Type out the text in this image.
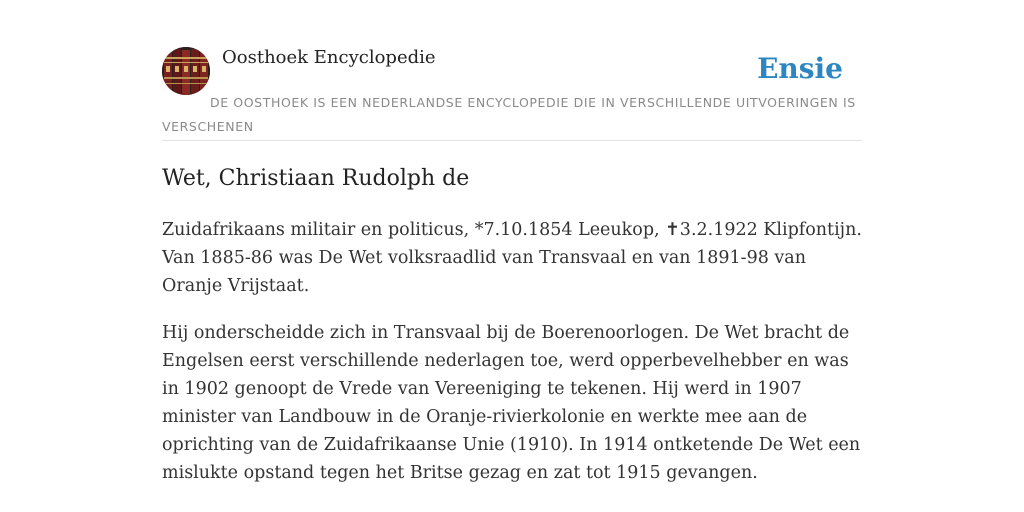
Oosthoek Encyclopedie	Ensie
DE OOSTHOEK IS EEN NEDERLANDSE ENCYCLOPEDIE DIE IN VERSCHILLENDE UITVOERINGEN IS VERSCHENEN
Wet, Christiaan Rudolph de

Zuidafrikaans militair en politicus, *7.10.1854 Leeukop, ✝3.2.1922 Klipfontijn. Van 1885-86 was De Wet volksraadlid van Transvaal en van 1891-98 van Oranje Vrijstaat.

Hij onderscheidde zich in Transvaal bij de Boerenoorlogen. De Wet bracht de Engelsen eerst verschillende nederlagen toe, werd opperbevelhebber en was in 1902 genoopt de Vrede van Vereeniging te tekenen. Hij werd in 1907 minister van Landbouw in de Oranje-rivierkolonie en werkte mee aan de oprichting van de Zuidafrikaanse Unie (1910). In 1914 ontketende De Wet een mislukte opstand tegen het Britse gezag en zat tot 1915 gevangen.
